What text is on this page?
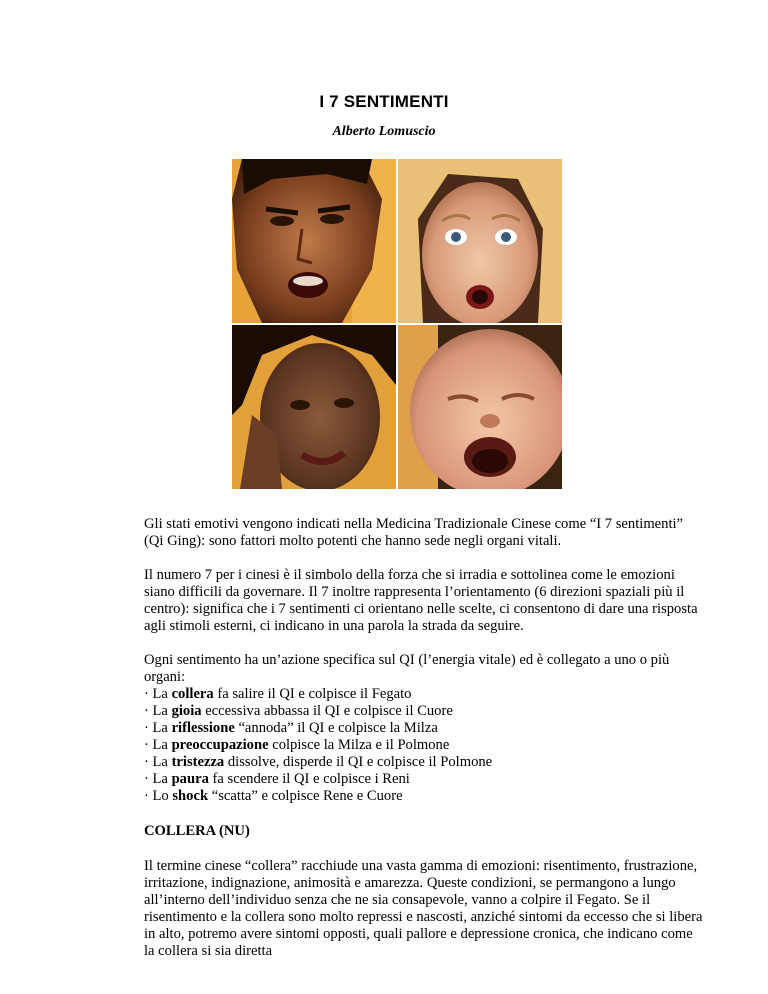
I 7 SENTIMENTI
Alberto Lomuscio
Gli stati emotivi vengono indicati nella Medicina Tradizionale Cinese come “I 7 sentimenti” (Qi Ging): sono fattori molto potenti che hanno sede negli organi vitali.
Il numero 7 per i cinesi è il simbolo della forza che si irradia e sottolinea come le emozioni siano difficili da governare. Il 7 inoltre rappresenta l’orientamento (6 direzioni spaziali più il centro): significa che i 7 sentimenti ci orientano nelle scelte, ci consentono di dare una risposta agli stimoli esterni, ci indicano in una parola la strada da seguire.
Ogni sentimento ha un’azione specifica sul QI (l’energia vitale) ed è collegato a uno o più organi:
· La collera fa salire il QI e colpisce il Fegato
· La gioia eccessiva abbassa il QI e colpisce il Cuore
· La riflessione “annoda” il QI e colpisce la Milza
· La preoccupazione colpisce la Milza e il Polmone
· La tristezza dissolve, disperde il QI e colpisce il Polmone
· La paura fa scendere il QI e colpisce i Reni
· Lo shock “scatta” e colpisce Rene e Cuore
COLLERA (NU)
Il termine cinese “collera” racchiude una vasta gamma di emozioni: risentimento, frustrazione, irritazione, indignazione, animosità e amarezza. Queste condizioni, se permangono a lungo all’interno dell’individuo senza che ne sia consapevole, vanno a colpire il Fegato. Se il risentimento e la collera sono molto repressi e nascosti, anziché sintomi da eccesso che si libera in alto, potremo avere sintomi opposti, quali pallore e depressione cronica, che indicano come la collera si sia diretta
